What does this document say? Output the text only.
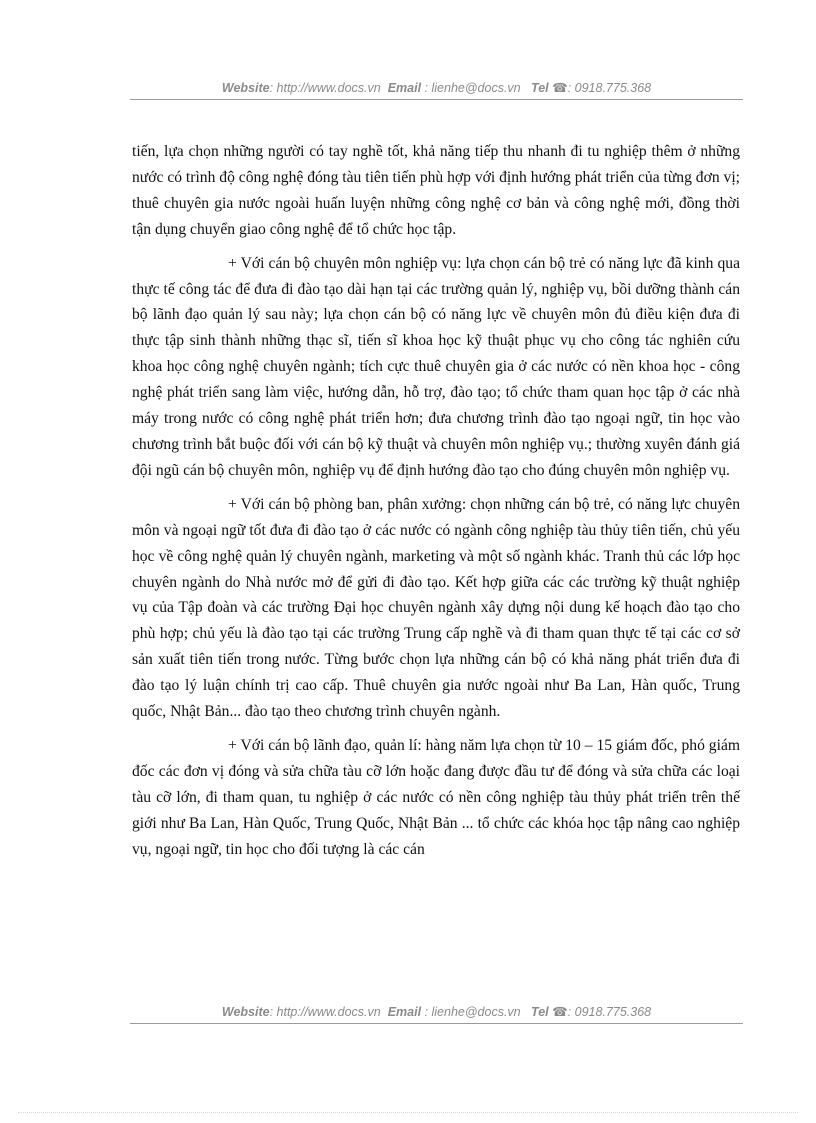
Website: http://www.docs.vn Email : lienhe@docs.vn Tel ☎: 0918.775.368

tiến, lựa chọn những người có tay nghề tốt, khả năng tiếp thu nhanh đi tu nghiệp thêm ở những nước có trình độ công nghệ đóng tàu tiên tiến phù hợp với định hướng phát triển của từng đơn vị; thuê chuyên gia nước ngoài huấn luyện những công nghệ cơ bản và công nghệ mới, đồng thời tận dụng chuyển giao công nghệ để tổ chức học tập.

+ Với cán bộ chuyên môn nghiệp vụ: lựa chọn cán bộ trẻ có năng lực đã kinh qua thực tế công tác để đưa đi đào tạo dài hạn tại các trường quản lý, nghiệp vụ, bồi dưỡng thành cán bộ lãnh đạo quản lý sau này; lựa chọn cán bộ có năng lực về chuyên môn đủ điều kiện đưa đi thực tập sinh thành những thạc sĩ, tiến sĩ khoa học kỹ thuật phục vụ cho công tác nghiên cứu khoa học công nghệ chuyên ngành; tích cực thuê chuyên gia ở các nước có nền khoa học - công nghệ phát triển sang làm việc, hướng dẫn, hỗ trợ, đào tạo; tổ chức tham quan học tập ở các nhà máy trong nước có công nghệ phát triển hơn; đưa chương trình đào tạo ngoại ngữ, tin học vào chương trình bắt buộc đối với cán bộ kỹ thuật và chuyên môn nghiệp vụ.; thường xuyên đánh giá đội ngũ cán bộ chuyên môn, nghiệp vụ để định hướng đào tạo cho đúng chuyên môn nghiệp vụ.

+ Với cán bộ phòng ban, phân xưởng: chọn những cán bộ trẻ, có năng lực chuyên môn và ngoại ngữ tốt đưa đi đào tạo ở các nước có ngành công nghiệp tàu thủy tiên tiến, chủ yếu học về công nghệ quản lý chuyên ngành, marketing và một số ngành khác. Tranh thủ các lớp học chuyên ngành do Nhà nước mở để gửi đi đào tạo. Kết hợp giữa các các trường kỹ thuật nghiệp vụ của Tập đoàn và các trường Đại học chuyên ngành xây dựng nội dung kế hoạch đào tạo cho phù hợp; chủ yếu là đào tạo tại các trường Trung cấp nghề và đi tham quan thực tế tại các cơ sở sản xuất tiên tiến trong nước. Từng bước chọn lựa những cán bộ có khả năng phát triển đưa đi đào tạo lý luận chính trị cao cấp. Thuê chuyên gia nước ngoài như Ba Lan, Hàn quốc, Trung quốc, Nhật Bản... đào tạo theo chương trình chuyên ngành.

+ Với cán bộ lãnh đạo, quản lí: hàng năm lựa chọn từ 10 – 15 giám đốc, phó giám đốc các đơn vị đóng và sửa chữa tàu cỡ lớn hoặc đang được đầu tư để đóng và sửa chữa các loại tàu cỡ lớn, đi tham quan, tu nghiệp ở các nước có nền công nghiệp tàu thủy phát triển trên thế giới như Ba Lan, Hàn Quốc, Trung Quốc, Nhật Bản ... tổ chức các khóa học tập nâng cao nghiệp vụ, ngoại ngữ, tin học cho đối tượng là các cán

Website: http://www.docs.vn Email : lienhe@docs.vn Tel ☎: 0918.775.368
